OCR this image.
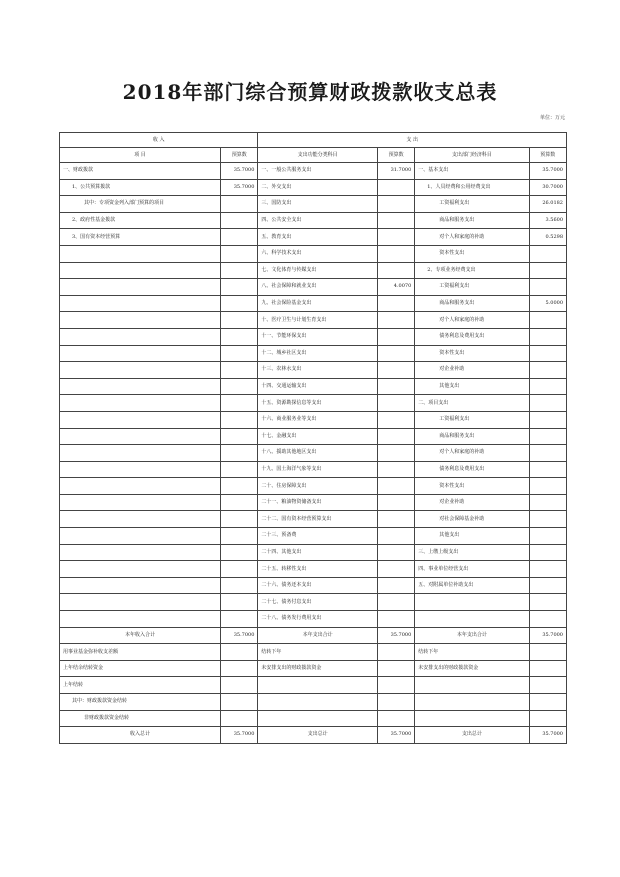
2018年部门综合预算财政拨款收支总表
单位：万元
收 入		支 出			
项 目	预算数	支出功能分类科目	预算数	支出部门经济科目	预算数
一、财政拨款	35.7000	一、一般公共服务支出	31.7000	一、基本支出	35.7000
1、公共预算拨款	35.7000	二、外交支出		1、人员经费和公用经费支出	30.7000
其中：专项资金列入部门预算的项目		三、国防支出		工资福利支出	26.0182
2、政府性基金拨款		四、公共安全支出		商品和服务支出	3.5600
3、国有资本经营预算		五、教育支出		对个人和家庭的补助	0.5298
		六、科学技术支出		资本性支出	
		七、文化体育与传媒支出		2、专项业务经费支出	
		八、社会保障和就业支出	4.0070	工资福利支出	
		九、社会保险基金支出		商品和服务支出	5.0000
		十、医疗卫生与计划生育支出		对个人和家庭的补助	
		十一、节能环保支出		债务利息及费用支出	
		十二、城乡社区支出		资本性支出	
		十三、农林水支出		对企业补助	
		十四、交通运输支出		其他支出	
		十五、资源勘探信息等支出		二、项目支出	
		十六、商业服务业等支出		工资福利支出	
		十七、金融支出		商品和服务支出	
		十八、援助其他地区支出		对个人和家庭的补助	
		十九、国土海洋气象等支出		债务利息及费用支出	
		二十、住房保障支出		资本性支出	
		二十一、粮油物资储备支出		对企业补助	
		二十二、国有资本经营预算支出		对社会保障基金补助	
		二十三、预备费		其他支出	
		二十四、其他支出		三、上缴上级支出	
		二十五、转移性支出		四、事业单位经营支出	
		二十六、债务还本支出		五、对附属单位补助支出	
		二十七、债务付息支出			
		二十八、债务发行费用支出			
本年收入合计	35.7000	本年支出合计	35.7000	本年支出合计	35.7000
用事业基金弥补收支差额		结转下年		结转下年	
上年结余结转资金		未安排支出的财政拨款资金		未安排支出的财政拨款资金	
上年结转					
其中：财政拨款资金结转					
非财政拨款资金结转					
收入总计	35.7000	支出总计	35.7000	支出总计	35.7000
